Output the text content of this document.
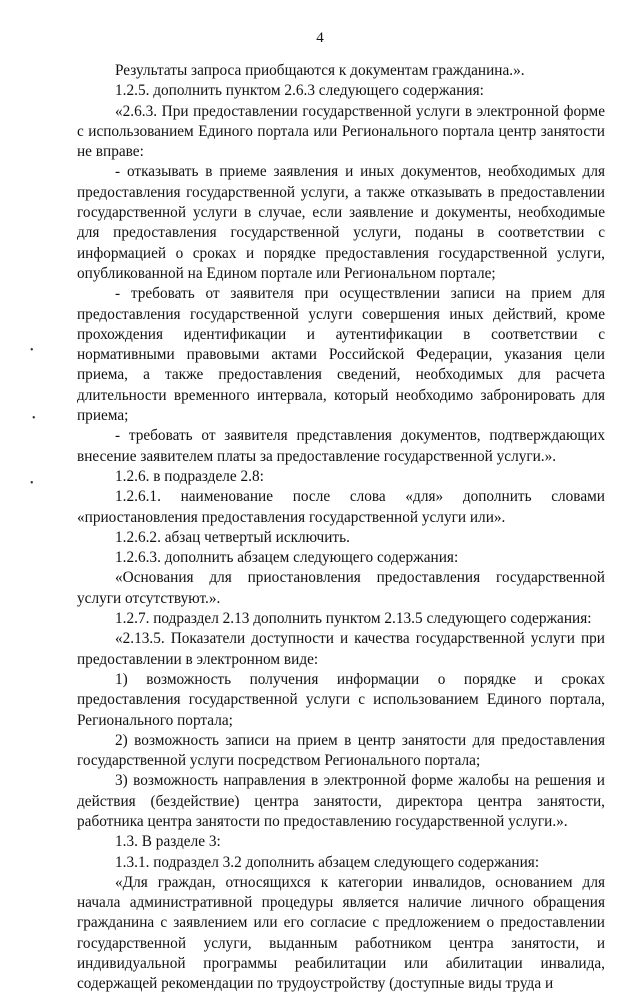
4
•
•
•

Результаты запроса приобщаются к документам гражданина.».

1.2.5. дополнить пунктом 2.6.3 следующего содержания:

«2.6.3. При предоставлении государственной услуги в электронной форме с использованием Единого портала или Регионального портала центр занятости не вправе:

- отказывать в приеме заявления и иных документов, необходимых для предоставления государственной услуги, а также отказывать в предоставлении государственной услуги в случае, если заявление и документы, необходимые для предоставления государственной услуги, поданы в соответствии с информацией о сроках и порядке предоставления государственной услуги, опубликованной на Едином портале или Региональном портале;

- требовать от заявителя при осуществлении записи на прием для предоставления государственной услуги совершения иных действий, кроме прохождения идентификации и аутентификации в соответствии с нормативными правовыми актами Российской Федерации, указания цели приема, а также предоставления сведений, необходимых для расчета длительности временного интервала, который необходимо забронировать для приема;

- требовать от заявителя представления документов, подтверждающих внесение заявителем платы за предоставление государственной услуги.».

1.2.6. в подразделе 2.8:

1.2.6.1. наименование после слова «для» дополнить словами «приостановления предоставления государственной услуги или».

1.2.6.2. абзац четвертый исключить.

1.2.6.3. дополнить абзацем следующего содержания:

«Основания для приостановления предоставления государственной услуги отсутствуют.».

1.2.7. подраздел 2.13 дополнить пунктом 2.13.5 следующего содержания:

«2.13.5. Показатели доступности и качества государственной услуги при предоставлении в электронном виде:

1) возможность получения информации о порядке и сроках предоставления государственной услуги с использованием Единого портала, Регионального портала;

2) возможность записи на прием в центр занятости для предоставления государственной услуги посредством Регионального портала;

3) возможность направления в электронной форме жалобы на решения и действия (бездействие) центра занятости, директора центра занятости, работника центра занятости по предоставлению государственной услуги.».

1.3. В разделе 3:

1.3.1. подраздел 3.2 дополнить абзацем следующего содержания:

«Для граждан, относящихся к категории инвалидов, основанием для начала административной процедуры является наличие личного обращения гражданина с заявлением или его согласие с предложением о предоставлении государственной услуги, выданным работником центра занятости, и индивидуальной программы реабилитации или абилитации инвалида, содержащей рекомендации по трудоустройству (доступные виды труда и
